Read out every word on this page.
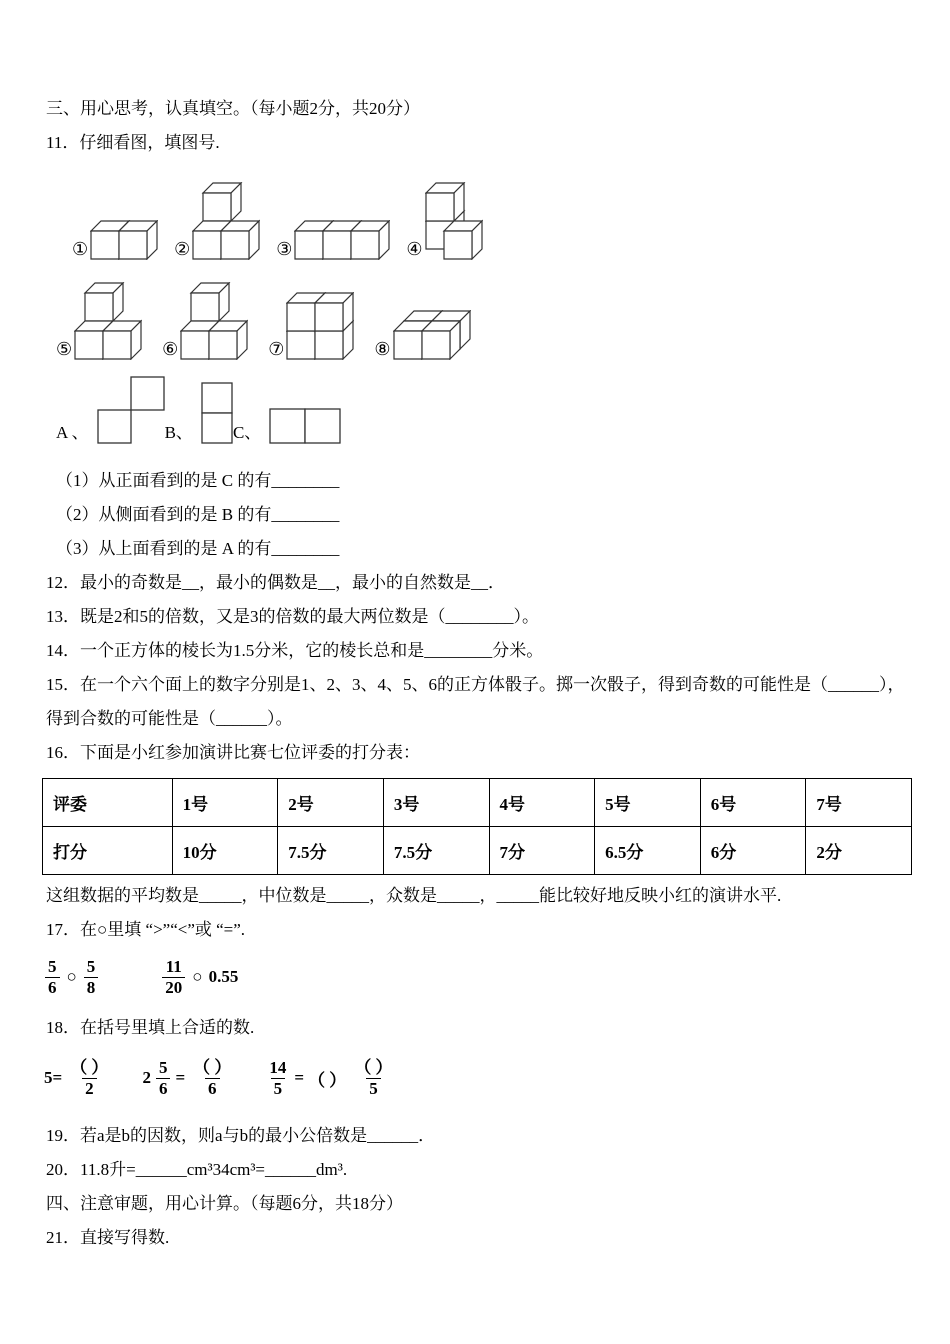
三、用心思考，认真填空。（每小题2分，共20分）

11．仔细看图，填图号.

①	②	③	④
⑤	⑥	⑦	⑧
A 、	B、 C、

（1）从正面看到的是 C 的有________

（2）从侧面看到的是 B 的有________

（3）从上面看到的是 A 的有________

12．最小的奇数是__，最小的偶数是__，最小的自然数是__．

13．既是2和5的倍数，又是3的倍数的最大两位数是（________）。

14．一个正方体的棱长为1.5分米，它的棱长总和是________分米。

15．在一个六个面上的数字分别是1、2、3、4、5、6的正方体骰子。掷一次骰子，得到奇数的可能性是（______），得到合数的可能性是（______）。

16．下面是小红参加演讲比赛七位评委的打分表：

评委	1号	2号	3号	4号	5号	6号	7号
打分	10分	7.5分	7.5分	7分	6.5分	6分	2分

这组数据的平均数是_____，中位数是_____，众数是_____，_____能比较好地反映小红的演讲水平.

17．在○里填 “>”“<”或 “=”.

$\frac{5}{6}$ ○ $\frac{5}{8}$	$\frac{11}{20}$ ○ 0.55

18．在括号里填上合适的数.

$5= \frac{( )}{2} 2 \frac{5}{6} = \frac{( )}{6} \frac{14}{5}$ = （ ） $\frac{( )}{5}$

19．若a是b的因数，则a与b的最小公倍数是______．

20．11.8升=______cm³34cm³=______dm³.

四、注意审题，用心计算。（每题6分，共18分）

21．直接写得数.
